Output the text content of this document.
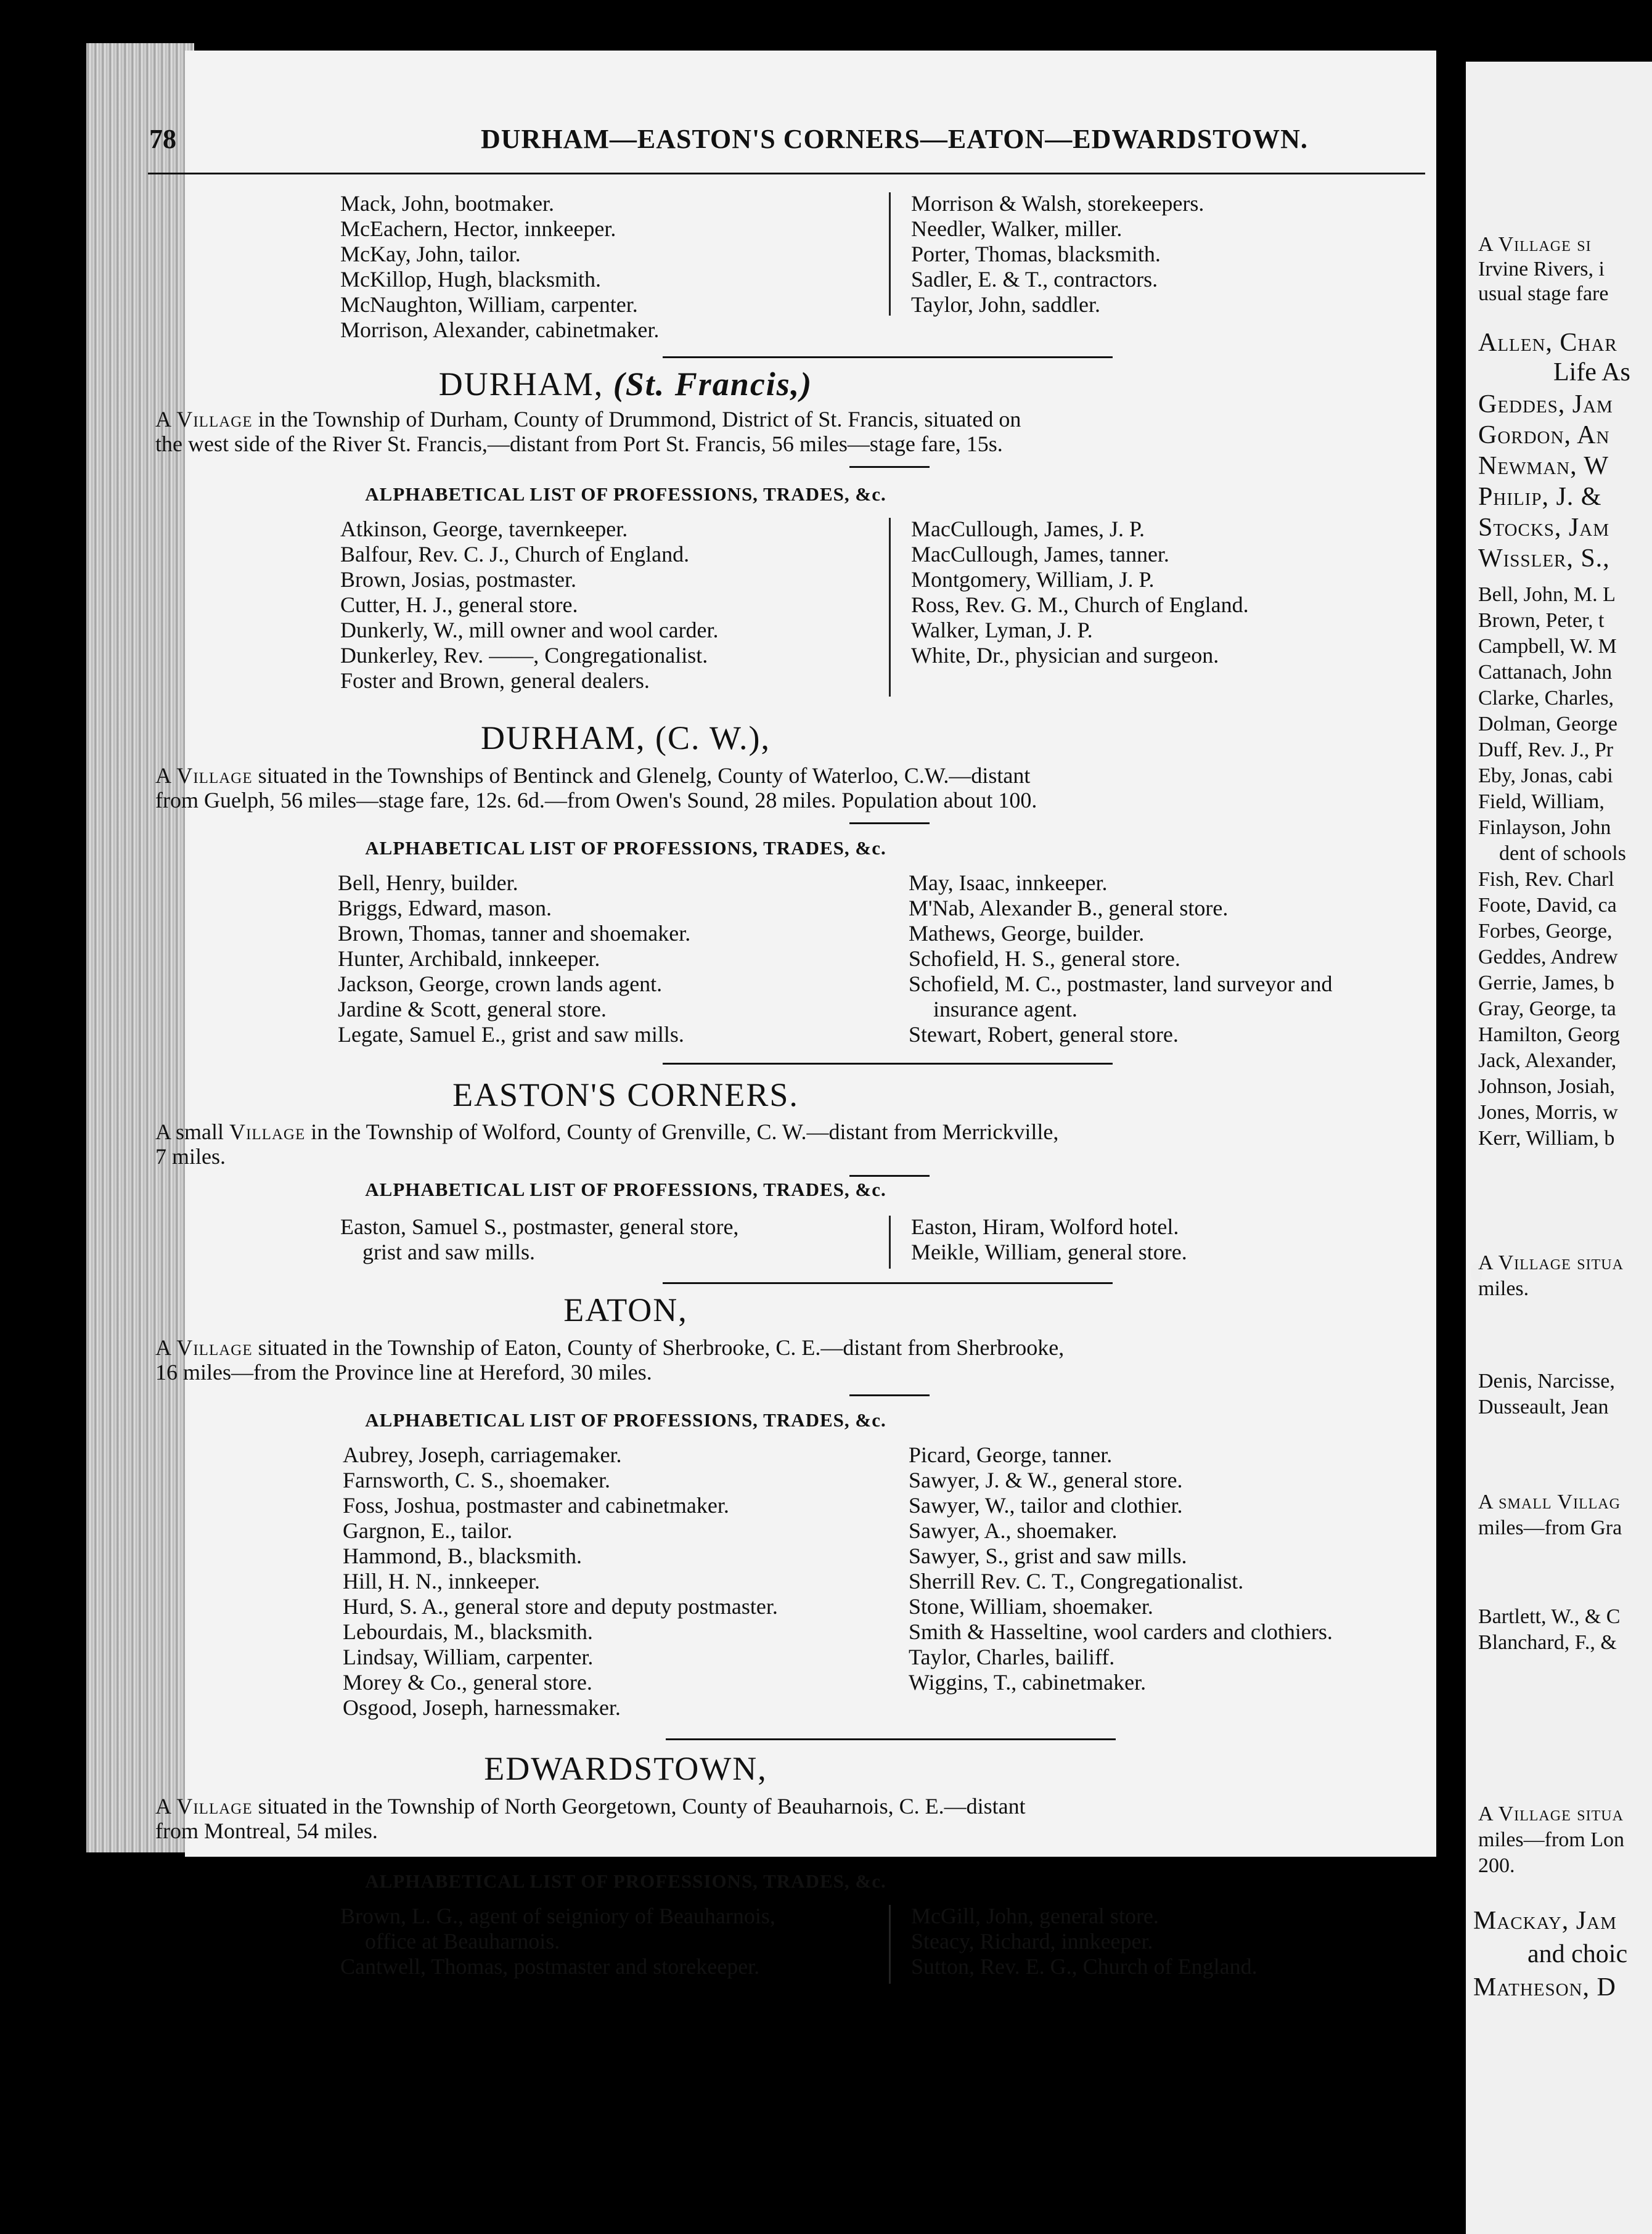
78	DURHAM—EASTON'S CORNERS—EATON—EDWARDSTOWN.
Mack, John, bootmaker.
McEachern, Hector, innkeeper.
McKay, John, tailor.
McKillop, Hugh, blacksmith.
McNaughton, William, carpenter.
Morrison, Alexander, cabinetmaker.
Morrison & Walsh, storekeepers.
Needler, Walker, miller.
Porter, Thomas, blacksmith.
Sadler, E. & T., contractors.
Taylor, John, saddler.
DURHAM, (St. Francis,)
A Village in the Township of Durham, County of Drummond, District of St. Francis, situated on
the west side of the River St. Francis,—distant from Port St. Francis, 56 miles—stage fare, 15s.
ALPHABETICAL LIST OF PROFESSIONS, TRADES, &c.
Atkinson, George, tavernkeeper.
Balfour, Rev. C. J., Church of England.
Brown, Josias, postmaster.
Cutter, H. J., general store.
Dunkerly, W., mill owner and wool carder.
Dunkerley, Rev. ——, Congregationalist.
Foster and Brown, general dealers.
MacCullough, James, J. P.
MacCullough, James, tanner.
Montgomery, William, J. P.
Ross, Rev. G. M., Church of England.
Walker, Lyman, J. P.
White, Dr., physician and surgeon.
DURHAM, (C. W.),
A Village situated in the Townships of Bentinck and Glenelg, County of Waterloo, C.W.—distant
from Guelph, 56 miles—stage fare, 12s. 6d.—from Owen's Sound, 28 miles. Population about 100.
ALPHABETICAL LIST OF PROFESSIONS, TRADES, &c.
Bell, Henry, builder.
Briggs, Edward, mason.
Brown, Thomas, tanner and shoemaker.
Hunter, Archibald, innkeeper.
Jackson, George, crown lands agent.
Jardine & Scott, general store.
Legate, Samuel E., grist and saw mills.
May, Isaac, innkeeper.
M'Nab, Alexander B., general store.
Mathews, George, builder.
Schofield, H. S., general store.
Schofield, M. C., postmaster, land surveyor and
insurance agent.
Stewart, Robert, general store.
EASTON'S CORNERS.
A small Village in the Township of Wolford, County of Grenville, C. W.—distant from Merrickville,
7 miles.
ALPHABETICAL LIST OF PROFESSIONS, TRADES, &c.
Easton, Samuel S., postmaster, general store,
grist and saw mills.
Easton, Hiram, Wolford hotel.
Meikle, William, general store.
EATON,
A Village situated in the Township of Eaton, County of Sherbrooke, C. E.—distant from Sherbrooke,
16 miles—from the Province line at Hereford, 30 miles.
ALPHABETICAL LIST OF PROFESSIONS, TRADES, &c.
Aubrey, Joseph, carriagemaker.
Farnsworth, C. S., shoemaker.
Foss, Joshua, postmaster and cabinetmaker.
Gargnon, E., tailor.
Hammond, B., blacksmith.
Hill, H. N., innkeeper.
Hurd, S. A., general store and deputy postmaster.
Lebourdais, M., blacksmith.
Lindsay, William, carpenter.
Morey & Co., general store.
Osgood, Joseph, harnessmaker.
Picard, George, tanner.
Sawyer, J. & W., general store.
Sawyer, W., tailor and clothier.
Sawyer, A., shoemaker.
Sawyer, S., grist and saw mills.
Sherrill Rev. C. T., Congregationalist.
Stone, William, shoemaker.
Smith & Hasseltine, wool carders and clothiers.
Taylor, Charles, bailiff.
Wiggins, T., cabinetmaker.
EDWARDSTOWN,
A Village situated in the Township of North Georgetown, County of Beauharnois, C. E.—distant
from Montreal, 54 miles.
ALPHABETICAL LIST OF PROFESSIONS, TRADES, &c.
Brown, L. G., agent of seigniory of Beauharnois,
office at Beauharnois.
Cantwell, Thomas, postmaster and storekeeper.
McGill, John, general store.
Steacy, Richard, innkeeper.
Sutton, Rev. E. G., Church of England.
A Village si
Irvine Rivers, i
usual stage fare
Allen, Char
Life As
Geddes, Jam
Gordon, An
Newman, W
Philip, J. &
Stocks, Jam
Wissler, S.,
Bell, John, M. L
Brown, Peter, t
Campbell, W. M
Cattanach, John
Clarke, Charles,
Dolman, George
Duff, Rev. J., Pr
Eby, Jonas, cabi
Field, William,
Finlayson, John
dent of schools
Fish, Rev. Charl
Foote, David, ca
Forbes, George,
Geddes, Andrew
Gerrie, James, b
Gray, George, ta
Hamilton, Georg
Jack, Alexander,
Johnson, Josiah,
Jones, Morris, w
Kerr, William, b
A Village situa
miles.
Denis, Narcisse,
Dusseault, Jean
A small Villag
miles—from Gra
Bartlett, W., & C
Blanchard, F., &
A Village situa
miles—from Lon
200.
Mackay, Jam
and choic
Matheson, D
